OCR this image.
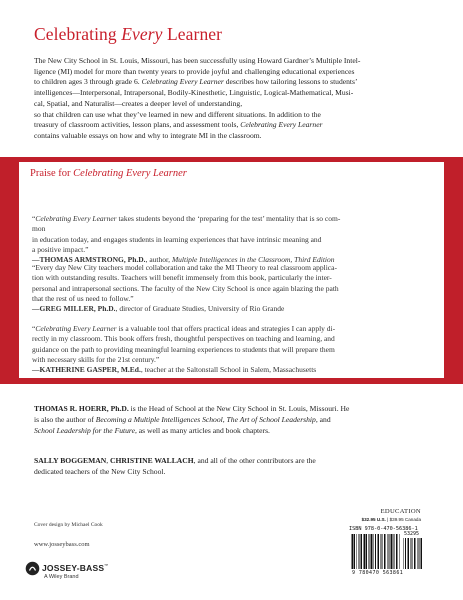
Celebrating Every Learner
The New City School in St. Louis, Missouri, has been successfully using Howard Gardner’s Multiple Intel-
ligence (MI) model for more than twenty years to provide joyful and challenging educational experiences
to children ages 3 through grade 6. Celebrating Every Learner describes how tailoring lessons to students’
intelligences—Interpersonal, Intrapersonal, Bodily-Kinesthetic, Linguistic, Logical-Mathematical, Musi-
cal, Spatial, and Naturalist—creates a deeper level of understanding,
so that children can use what they’ve learned in new and different situations. In addition to the
treasury of classroom activities, lesson plans, and assessment tools, Celebrating Every Learner
contains valuable essays on how and why to integrate MI in the classroom.
Praise for Celebrating Every Learner
“Celebrating Every Learner takes students beyond the ‘preparing for the test’ mentality that is so com-
mon
in education today, and engages students in learning experiences that have intrinsic meaning and
a positive impact.”
—THOMAS ARMSTRONG, Ph.D., author, Multiple Intelligences in the Classroom, Third Edition
“Every day New City teachers model collaboration and take the MI Theory to real classroom applica-
tion with outstanding results. Teachers will benefit immensely from this book, particularly the inter-
personal and intrapersonal sections. The faculty of the New City School is once again blazing the path
that the rest of us need to follow.”
—GREG MILLER, Ph.D., director of Graduate Studies, University of Rio Grande
“Celebrating Every Learner is a valuable tool that offers practical ideas and strategies I can apply di-
rectly in my classroom. This book offers fresh, thoughtful perspectives on teaching and learning, and
guidance on the path to providing meaningful learning experiences to students that will prepare them
with necessary skills for the 21st century.”
—KATHERINE GASPER, M.Ed., teacher at the Saltonstall School in Salem, Massachusetts
THOMAS R. HOERR, Ph.D. is the Head of School at the New City School in St. Louis, Missouri. He
is also the author of Becoming a Multiple Intelligences School, The Art of School Leadership, and
School Leadership for the Future, as well as many articles and book chapters.
SALLY BOGGEMAN, CHRISTINE WALLACH, and all of the other contributors are the
dedicated teachers of the New City School.
EDUCATION
$32.95 U.S. | $39.95 Canada
ISBN 978-0-470-56386-1
53295
9 780470 563861
Cover design by Michael Cook
www.josseybass.com
JOSSEY-BASS™
A Wiley Brand
